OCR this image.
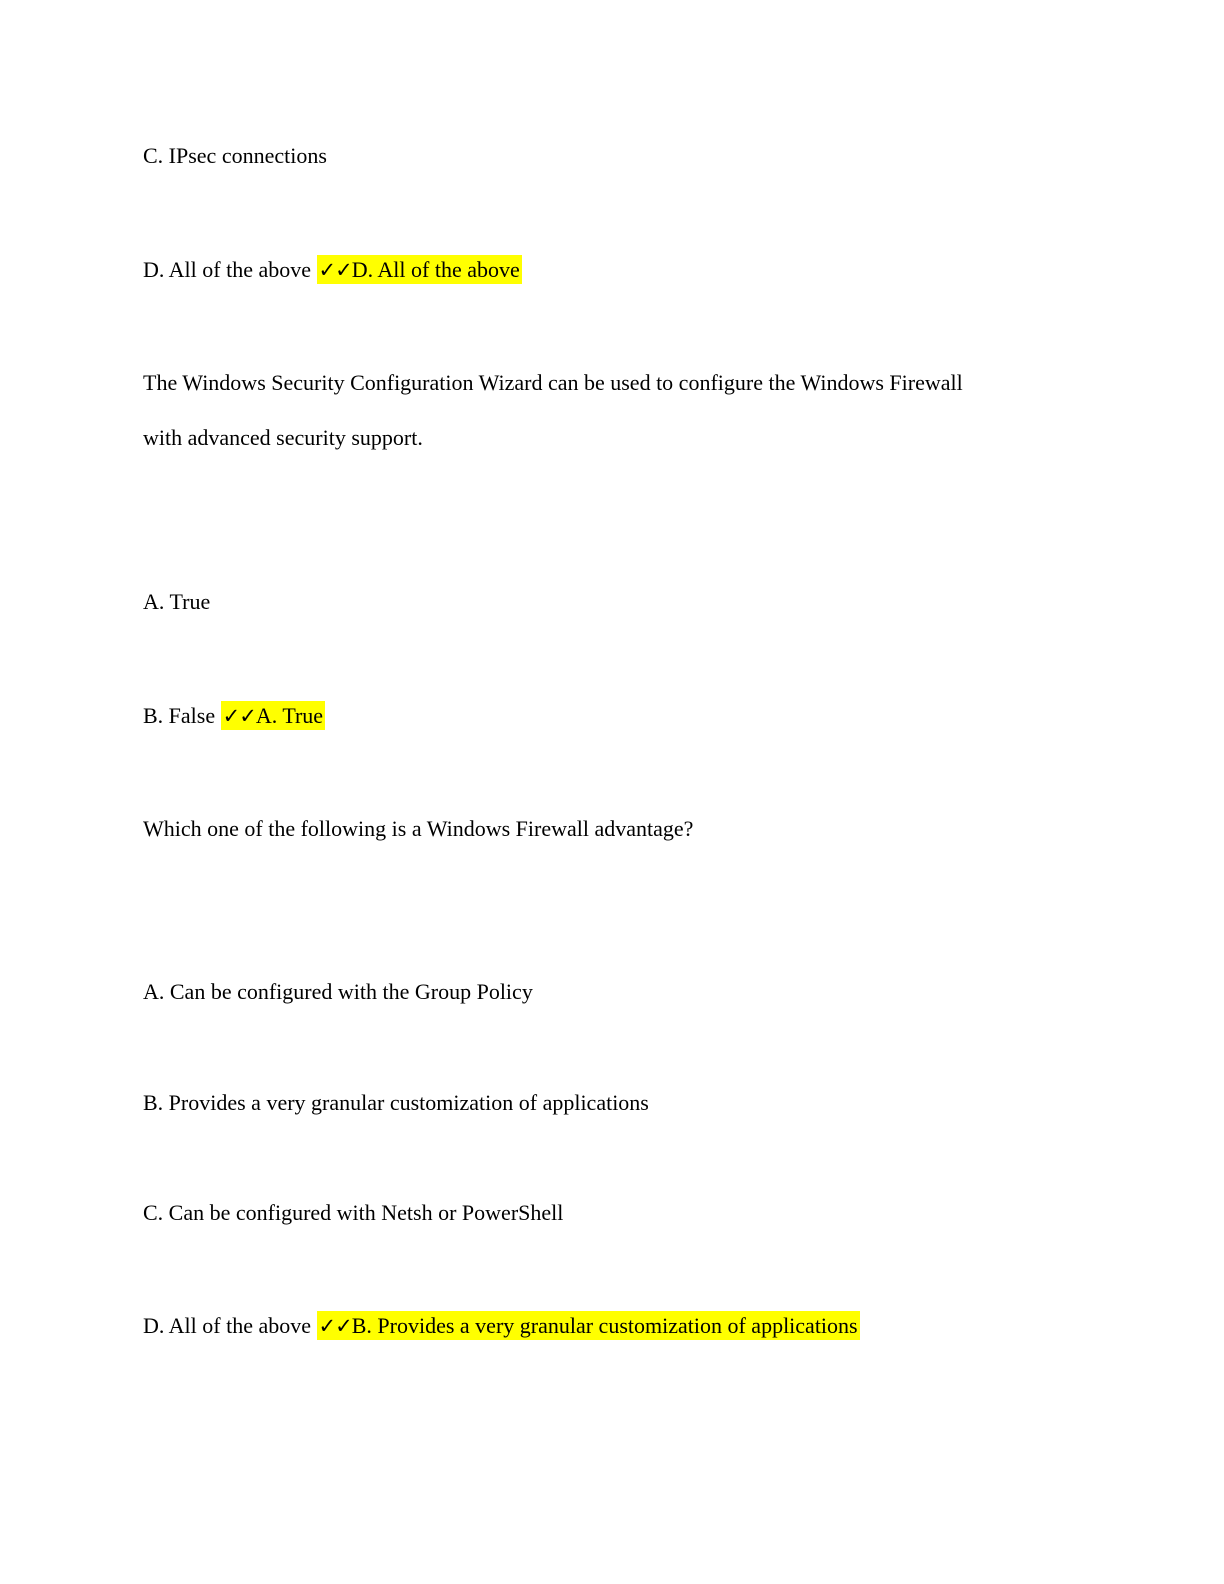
C. IPsec connections
D. All of the above ✓✓D. All of the above
The Windows Security Configuration Wizard can be used to configure the Windows Firewall
with advanced security support.
A. True
B. False ✓✓A. True
Which one of the following is a Windows Firewall advantage?
A. Can be configured with the Group Policy
B. Provides a very granular customization of applications
C. Can be configured with Netsh or PowerShell
D. All of the above ✓✓B. Provides a very granular customization of applications
